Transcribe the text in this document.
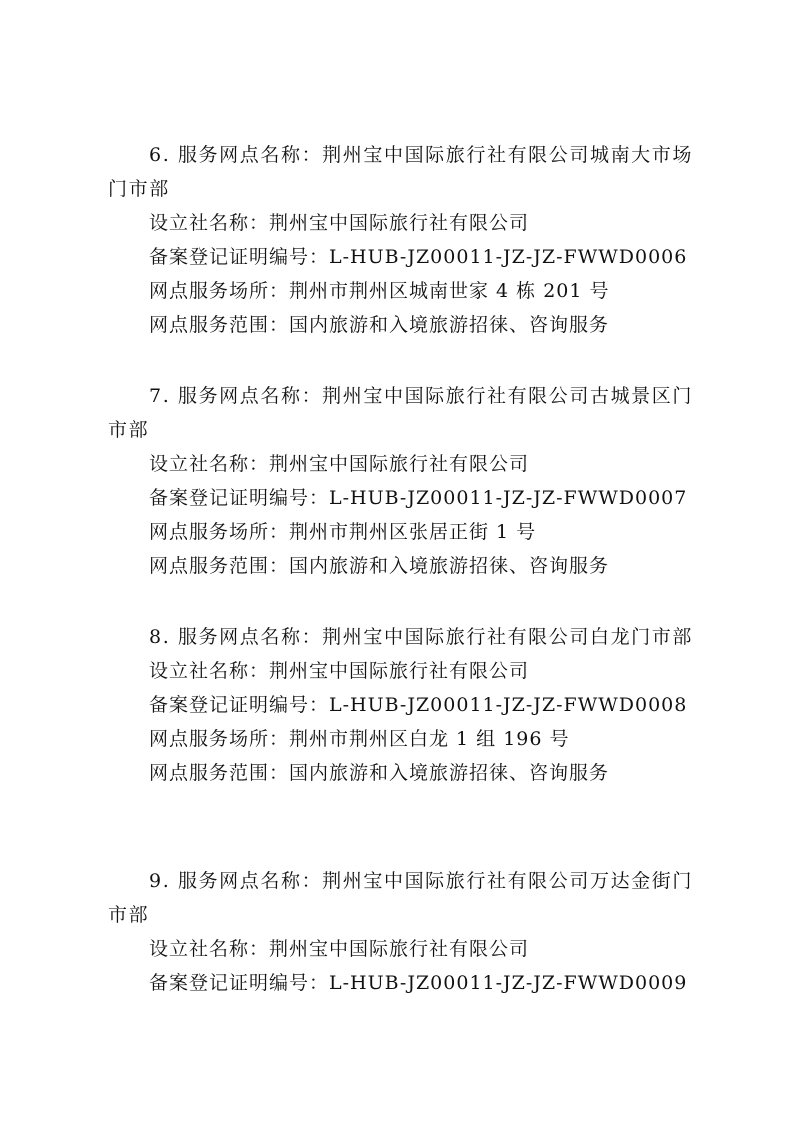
6. 服务网点名称：荆州宝中国际旅行社有限公司城南大市场门市部
设立社名称：荆州宝中国际旅行社有限公司
备案登记证明编号：L-HUB-JZ00011-JZ-JZ-FWWD0006
网点服务场所：荆州市荆州区城南世家 4 栋 201 号
网点服务范围：国内旅游和入境旅游招徕、咨询服务
7. 服务网点名称：荆州宝中国际旅行社有限公司古城景区门市部
设立社名称：荆州宝中国际旅行社有限公司
备案登记证明编号：L-HUB-JZ00011-JZ-JZ-FWWD0007
网点服务场所：荆州市荆州区张居正街 1 号
网点服务范围：国内旅游和入境旅游招徕、咨询服务
8. 服务网点名称：荆州宝中国际旅行社有限公司白龙门市部
设立社名称：荆州宝中国际旅行社有限公司
备案登记证明编号：L-HUB-JZ00011-JZ-JZ-FWWD0008
网点服务场所：荆州市荆州区白龙 1 组 196 号
网点服务范围：国内旅游和入境旅游招徕、咨询服务
9. 服务网点名称：荆州宝中国际旅行社有限公司万达金街门市部
设立社名称：荆州宝中国际旅行社有限公司
备案登记证明编号：L-HUB-JZ00011-JZ-JZ-FWWD0009
